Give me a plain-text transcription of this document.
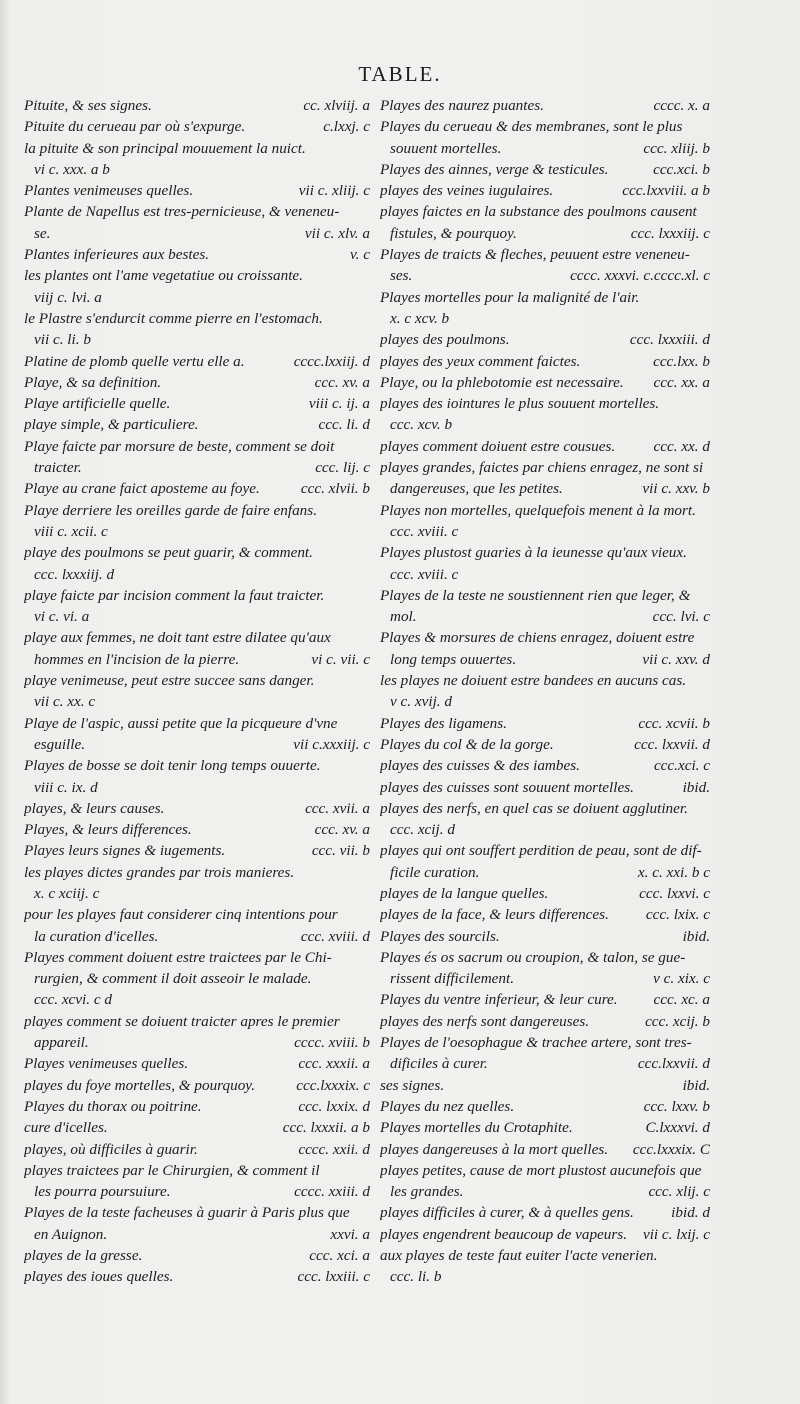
TABLE.
Pituite, & ses signes.	cc. xlviij. a
Pituite du cerueau par où s'expurge.	c.lxxj. c
la pituite & son principal mouuement la nuict.
vi c. xxx. a b
Plantes venimeuses quelles.	vii c. xliij. c
Plante de Napellus est tres-pernicieuse, & veneneu-
se.	vii c. xlv. a
Plantes inferieures aux bestes.	v. c
les plantes ont l'ame vegetatiue ou croissante.
viij c. lvi. a
le Plastre s'endurcit comme pierre en l'estomach.
vii c. li. b
Platine de plomb quelle vertu elle a.	cccc.lxxiij. d
Playe, & sa definition.	ccc. xv. a
Playe artificielle quelle.	viii c. ij. a
playe simple, & particuliere.	ccc. li. d
Playe faicte par morsure de beste, comment se doit
traicter.	ccc. lij. c
Playe au crane faict aposteme au foye.	ccc. xlvii. b
Playe derriere les oreilles garde de faire enfans.
viii c. xcii. c
playe des poulmons se peut guarir, & comment.
ccc. lxxxiij. d
playe faicte par incision comment la faut traicter.
vi c. vi. a
playe aux femmes, ne doit tant estre dilatee qu'aux
hommes en l'incision de la pierre.	vi c. vii. c
playe venimeuse, peut estre succee sans danger.
vii c. xx. c
Playe de l'aspic, aussi petite que la picqueure d'vne
esguille.	vii c.xxxiij. c
Playes de bosse se doit tenir long temps ouuerte.
viii c. ix. d
playes, & leurs causes.	ccc. xvii. a
Playes, & leurs differences.	ccc. xv. a
Playes leurs signes & iugements.	ccc. vii. b
les playes dictes grandes par trois manieres.
x. c xciij. c
pour les playes faut considerer cinq intentions pour
la curation d'icelles.	ccc. xviii. d
Playes comment doiuent estre traictees par le Chi-
rurgien, & comment il doit asseoir le malade.
ccc. xcvi. c d
playes comment se doiuent traicter apres le premier
appareil.	cccc. xviii. b
Playes venimeuses quelles.	ccc. xxxii. a
playes du foye mortelles, & pourquoy.	ccc.lxxxix. c
Playes du thorax ou poitrine.	ccc. lxxix. d
cure d'icelles.	ccc. lxxxii. a b
playes, où difficiles à guarir.	cccc. xxii. d
playes traictees par le Chirurgien, & comment il
les pourra poursuiure.	cccc. xxiii. d
Playes de la teste facheuses à guarir à Paris plus que
en Auignon.	xxvi. a
playes de la gresse.	ccc. xci. a
playes des ioues quelles.	ccc. lxxiii. c
Playes des naurez puantes.	cccc. x. a
Playes du cerueau & des membranes, sont le plus
souuent mortelles.	ccc. xliij. b
Playes des ainnes, verge & testicules.	ccc.xci. b
playes des veines iugulaires.	ccc.lxxviii. a b
playes faictes en la substance des poulmons causent
fistules, & pourquoy.	ccc. lxxxiij. c
Playes de traicts & fleches, peuuent estre veneneu-
ses.	cccc. xxxvi. c.cccc.xl. c
Playes mortelles pour la malignité de l'air.
x. c xcv. b
playes des poulmons.	ccc. lxxxiii. d
playes des yeux comment faictes.	ccc.lxx. b
Playe, ou la phlebotomie est necessaire.	ccc. xx. a
playes des iointures le plus souuent mortelles.
ccc. xcv. b
playes comment doiuent estre cousues.	ccc. xx. d
playes grandes, faictes par chiens enragez, ne sont si
dangereuses, que les petites.	vii c. xxv. b
Playes non mortelles, quelquefois menent à la mort.
ccc. xviii. c
Playes plustost guaries à la ieunesse qu'aux vieux.
ccc. xviii. c
Playes de la teste ne soustiennent rien que leger, &
mol.	ccc. lvi. c
Playes & morsures de chiens enragez, doiuent estre
long temps ouuertes.	vii c. xxv. d
les playes ne doiuent estre bandees en aucuns cas.
v c. xvij. d
Playes des ligamens.	ccc. xcvii. b
Playes du col & de la gorge.	ccc. lxxvii. d
playes des cuisses & des iambes.	ccc.xci. c
playes des cuisses sont souuent mortelles.	ibid.
playes des nerfs, en quel cas se doiuent agglutiner.
ccc. xcij. d
playes qui ont souffert perdition de peau, sont de dif-
ficile curation.	x. c. xxi. b c
playes de la langue quelles.	ccc. lxxvi. c
playes de la face, & leurs differences.	ccc. lxix. c
Playes des sourcils.	ibid.
Playes és os sacrum ou croupion, & talon, se gue-
rissent difficilement.	v c. xix. c
Playes du ventre inferieur, & leur cure.	ccc. xc. a
playes des nerfs sont dangereuses.	ccc. xcij. b
Playes de l'oesophague & trachee artere, sont tres-
dificiles à curer.	ccc.lxxvii. d
ses signes.	ibid.
Playes du nez quelles.	ccc. lxxv. b
Playes mortelles du Crotaphite.	C.lxxxvi. d
playes dangereuses à la mort quelles.	ccc.lxxxix. C
playes petites, cause de mort plustost aucunefois que
les grandes.	ccc. xlij. c
playes difficiles à curer, & à quelles gens.	ibid. d
playes engendrent beaucoup de vapeurs.	vii c. lxij. c
aux playes de teste faut euiter l'acte venerien.
ccc. li. b
